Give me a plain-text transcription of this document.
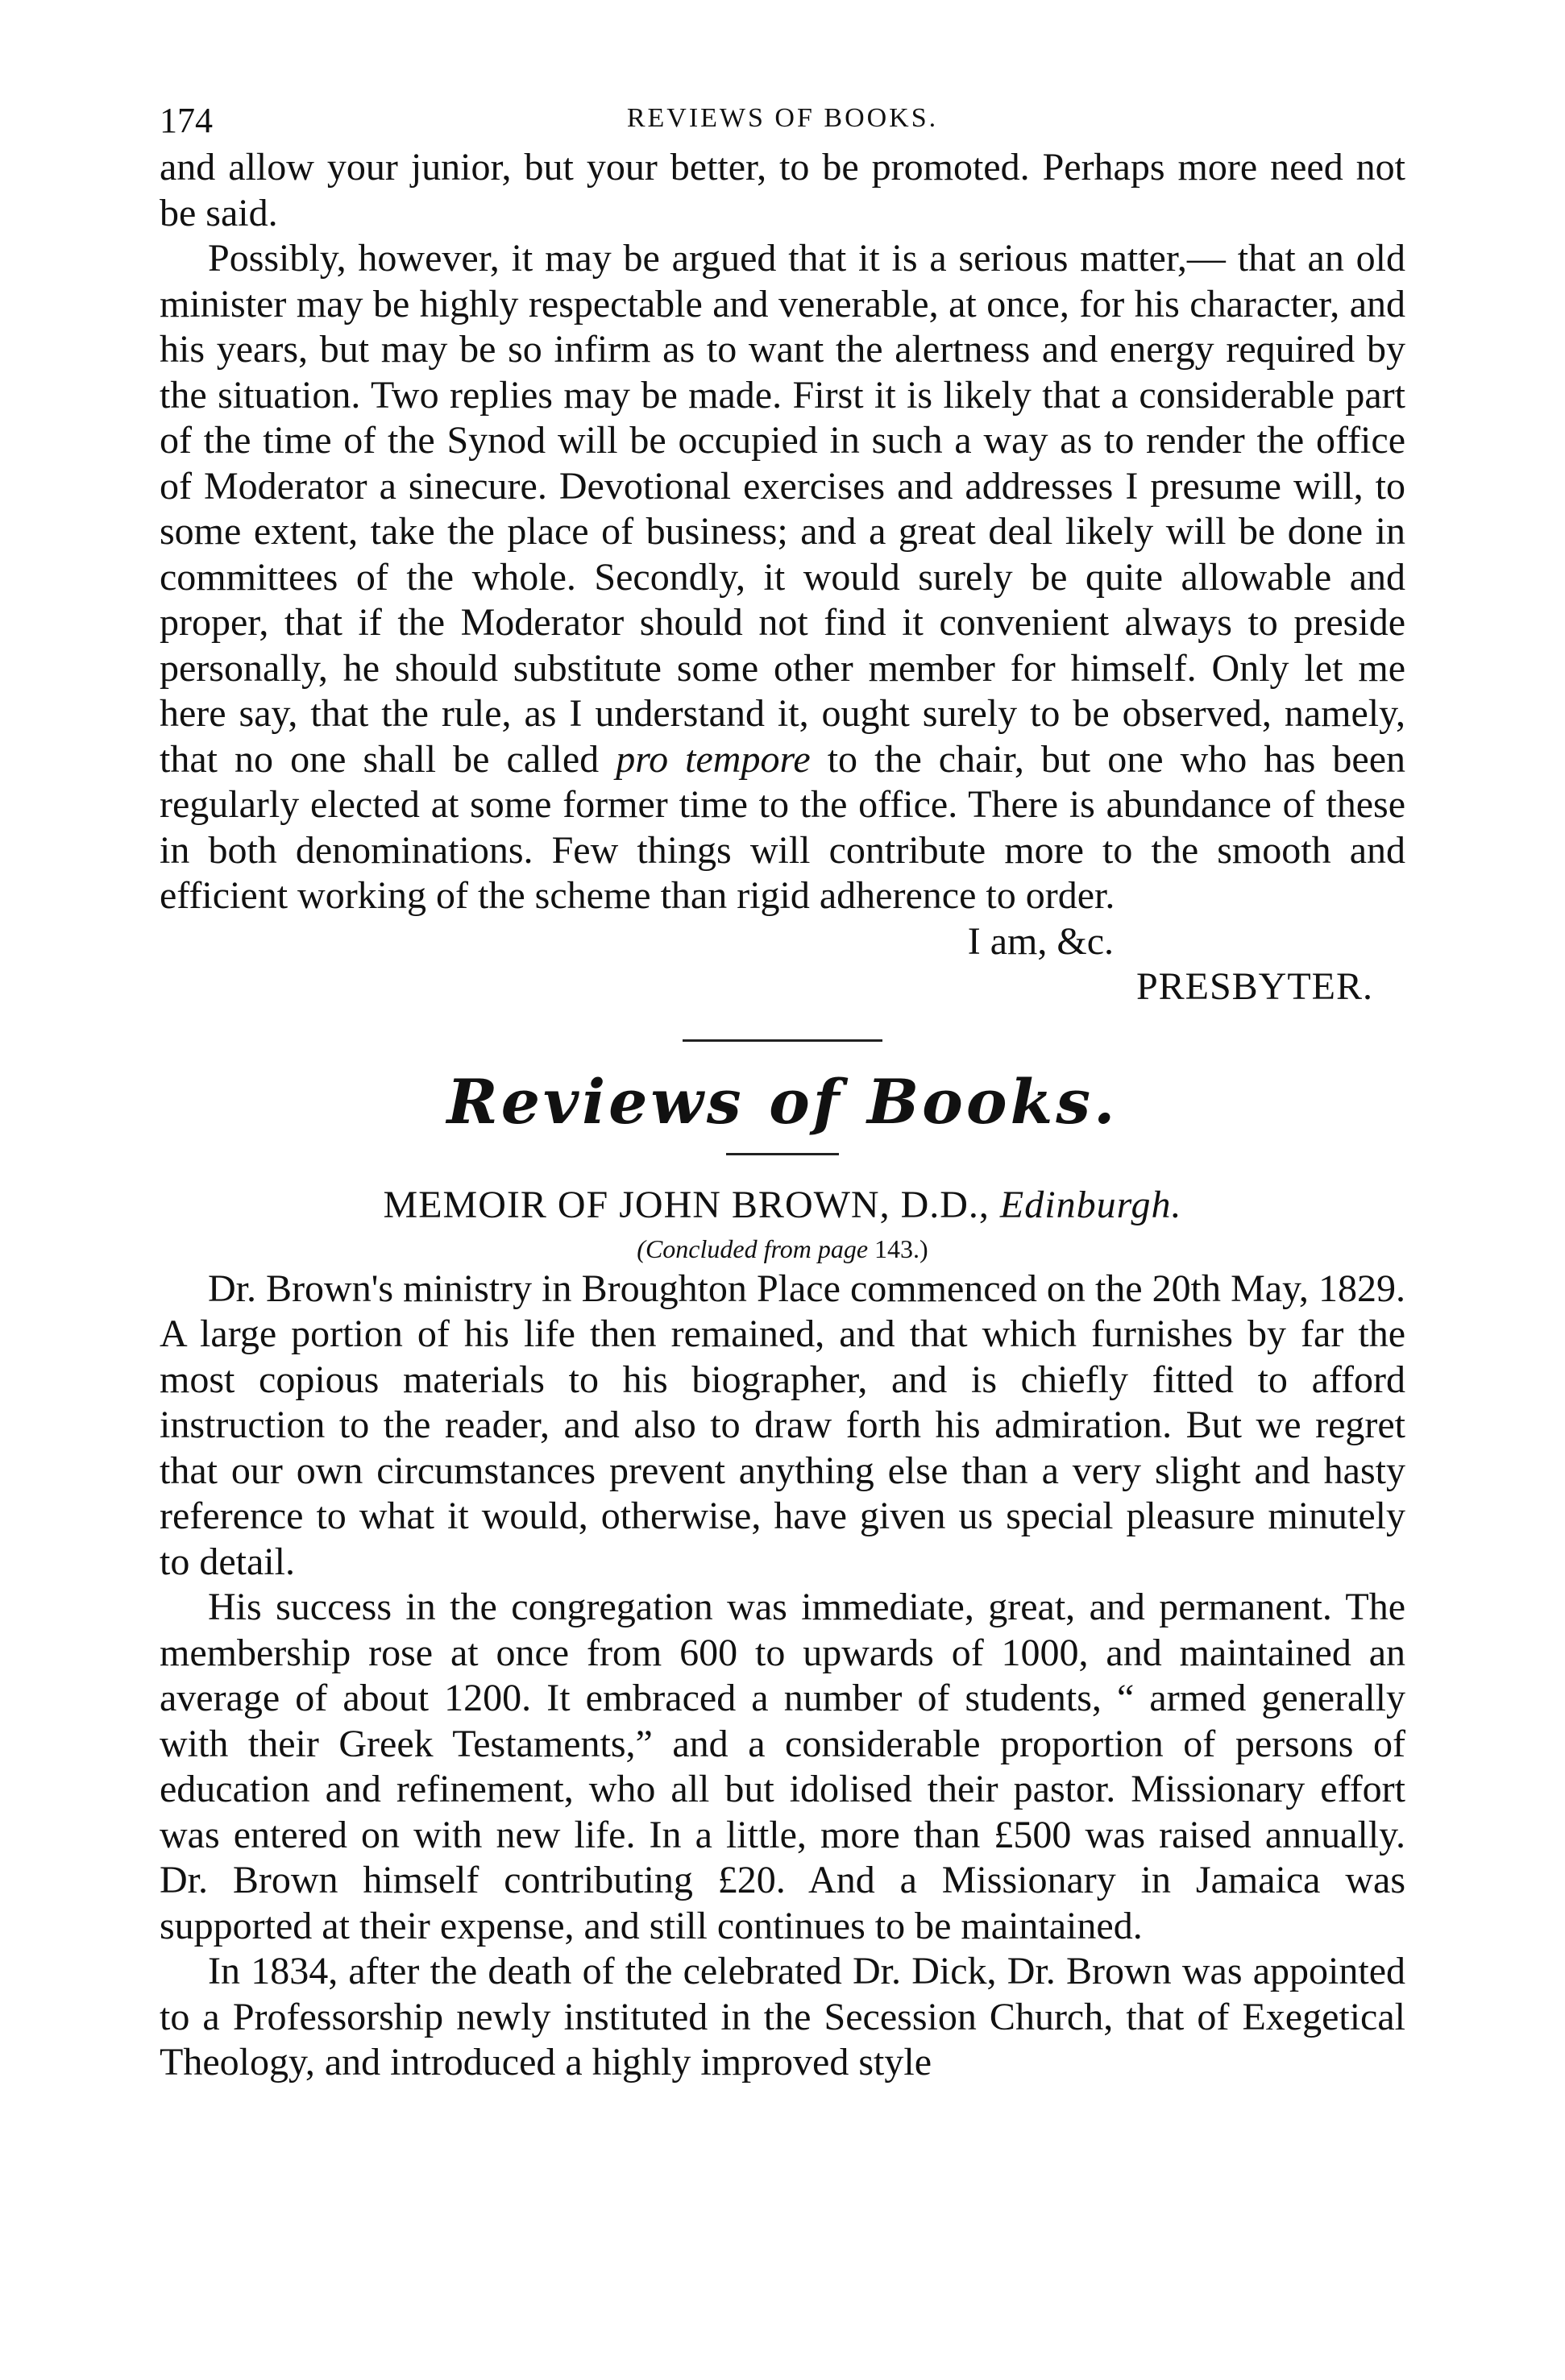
174	REVIEWS OF BOOKS.

and allow your junior, but your better, to be promoted. Perhaps more need not be said.

Possibly, however, it may be argued that it is a serious matter,— that an old minister may be highly respectable and venerable, at once, for his character, and his years, but may be so infirm as to want the alertness and energy required by the situation. Two replies may be made. First it is likely that a considerable part of the time of the Synod will be occupied in such a way as to render the office of Moderator a sinecure. Devotional exercises and addresses I presume will, to some extent, take the place of business; and a great deal likely will be done in committees of the whole. Secondly, it would surely be quite allowable and proper, that if the Moderator should not find it convenient always to preside personally, he should substitute some other member for himself. Only let me here say, that the rule, as I understand it, ought surely to be observed, namely, that no one shall be called pro tempore to the chair, but one who has been regularly elected at some former time to the office. There is abundance of these in both denominations. Few things will contribute more to the smooth and efficient working of the scheme than rigid adherence to order.

I am, &c.
PRESBYTER.
Reviews of Books.
MEMOIR OF JOHN BROWN, D.D., Edinburgh.
(Concluded from page 143.)

Dr. Brown's ministry in Broughton Place commenced on the 20th May, 1829. A large portion of his life then remained, and that which furnishes by far the most copious materials to his biographer, and is chiefly fitted to afford instruction to the reader, and also to draw forth his admiration. But we regret that our own circumstances prevent anything else than a very slight and hasty reference to what it would, otherwise, have given us special pleasure minutely to detail.

His success in the congregation was immediate, great, and permanent. The membership rose at once from 600 to upwards of 1000, and maintained an average of about 1200. It embraced a number of students, “ armed generally with their Greek Testaments,” and a considerable proportion of persons of education and refinement, who all but idolised their pastor. Missionary effort was entered on with new life. In a little, more than £500 was raised annually. Dr. Brown himself contributing £20. And a Missionary in Jamaica was supported at their expense, and still continues to be maintained.

In 1834, after the death of the celebrated Dr. Dick, Dr. Brown was appointed to a Professorship newly instituted in the Secession Church, that of Exegetical Theology, and introduced a highly improved style
